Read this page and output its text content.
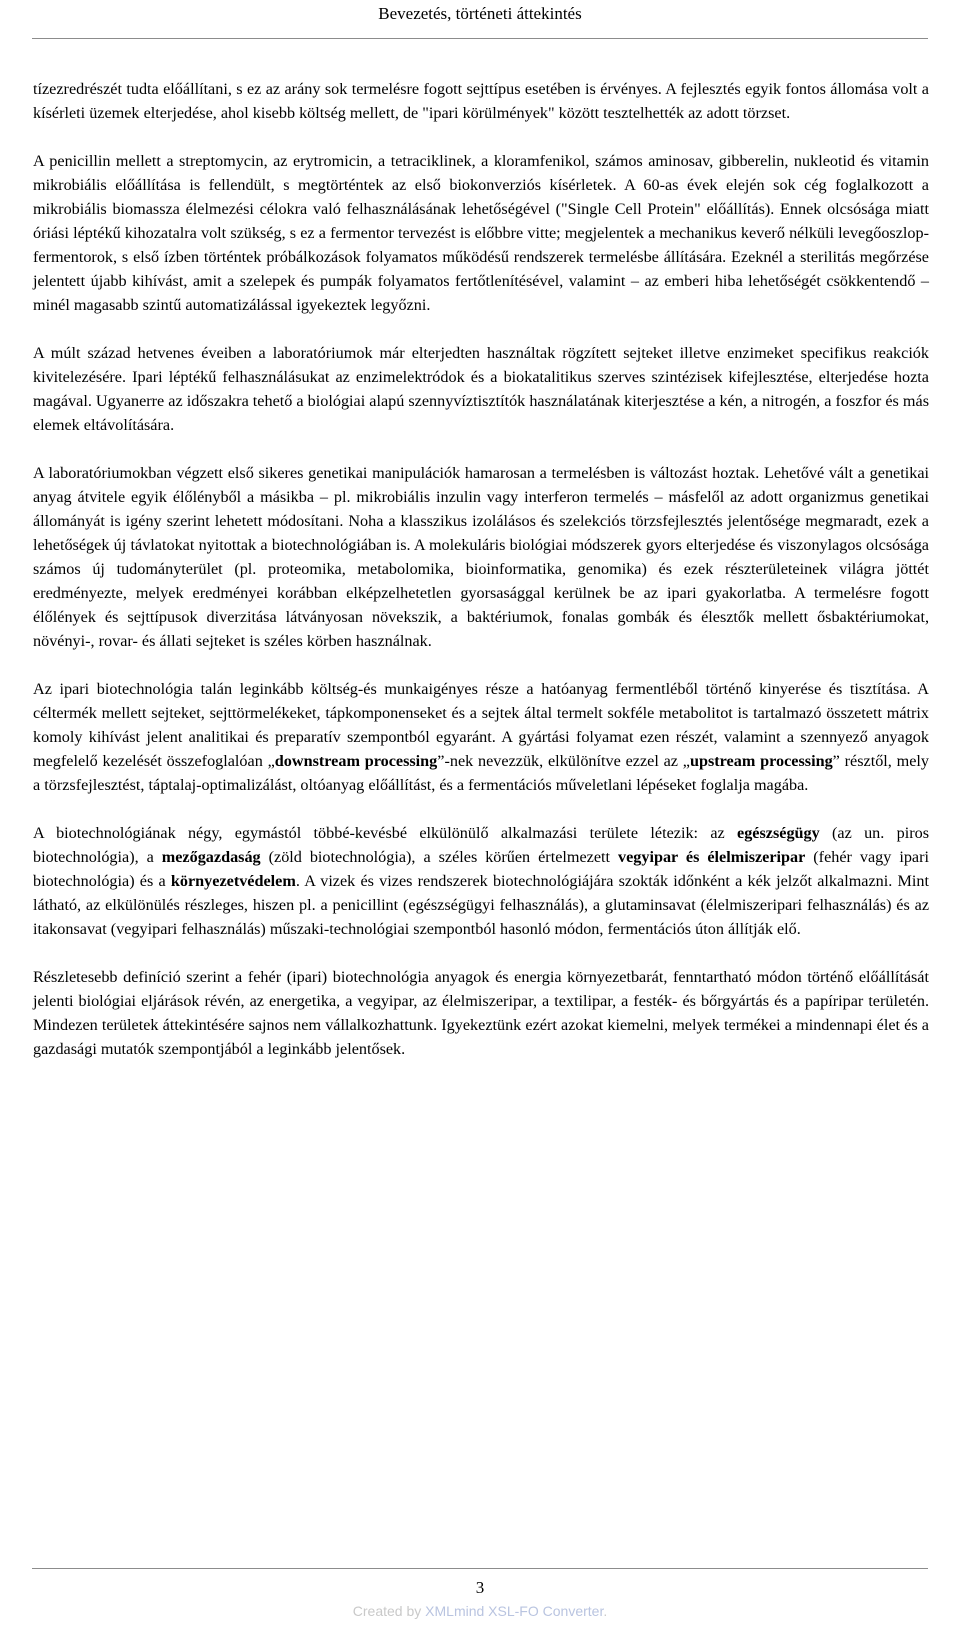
Bevezetés, történeti áttekintés

tízezredrészét tudta előállítani, s ez az arány sok termelésre fogott sejttípus esetében is érvényes. A fejlesztés egyik fontos állomása volt a kísérleti üzemek elterjedése, ahol kisebb költség mellett, de "ipari körülmények" között tesztelhették az adott törzset.

A penicillin mellett a streptomycin, az erytromicin, a tetraciklinek, a kloramfenikol, számos aminosav, gibberelin, nukleotid és vitamin mikrobiális előállítása is fellendült, s megtörténtek az első biokonverziós kísérletek. A 60-as évek elején sok cég foglalkozott a mikrobiális biomassza élelmezési célokra való felhasználásának lehetőségével ("Single Cell Protein" előállítás). Ennek olcsósága miatt óriási léptékű kihozatalra volt szükség, s ez a fermentor tervezést is előbbre vitte; megjelentek a mechanikus keverő nélküli levegőoszlop-fermentorok, s első ízben történtek próbálkozások folyamatos működésű rendszerek termelésbe állítására. Ezeknél a sterilitás megőrzése jelentett újabb kihívást, amit a szelepek és pumpák folyamatos fertőtlenítésével, valamint – az emberi hiba lehetőségét csökkentendő – minél magasabb szintű automatizálással igyekeztek legyőzni.

A múlt század hetvenes éveiben a laboratóriumok már elterjedten használtak rögzített sejteket illetve enzimeket specifikus reakciók kivitelezésére. Ipari léptékű felhasználásukat az enzimelektródok és a biokatalitikus szerves szintézisek kifejlesztése, elterjedése hozta magával. Ugyanerre az időszakra tehető a biológiai alapú szennyvíztisztítók használatának kiterjesztése a kén, a nitrogén, a foszfor és más elemek eltávolítására.

A laboratóriumokban végzett első sikeres genetikai manipulációk hamarosan a termelésben is változást hoztak. Lehetővé vált a genetikai anyag átvitele egyik élőlényből a másikba – pl. mikrobiális inzulin vagy interferon termelés – másfelől az adott organizmus genetikai állományát is igény szerint lehetett módosítani. Noha a klasszikus izolálásos és szelekciós törzsfejlesztés jelentősége megmaradt, ezek a lehetőségek új távlatokat nyitottak a biotechnológiában is. A molekuláris biológiai módszerek gyors elterjedése és viszonylagos olcsósága számos új tudományterület (pl. proteomika, metabolomika, bioinformatika, genomika) és ezek részterületeinek világra jöttét eredményezte, melyek eredményei korábban elképzelhetetlen gyorsasággal kerülnek be az ipari gyakorlatba. A termelésre fogott élőlények és sejttípusok diverzitása látványosan növekszik, a baktériumok, fonalas gombák és élesztők mellett ősbaktériumokat, növényi-, rovar- és állati sejteket is széles körben használnak.

Az ipari biotechnológia talán leginkább költség-és munkaigényes része a hatóanyag fermentléből történő kinyerése és tisztítása. A céltermék mellett sejteket, sejttörmelékeket, tápkomponenseket és a sejtek által termelt sokféle metabolitot is tartalmazó összetett mátrix komoly kihívást jelent analitikai és preparatív szempontból egyaránt. A gyártási folyamat ezen részét, valamint a szennyező anyagok megfelelő kezelését összefoglalóan „downstream processing”-nek nevezzük, elkülönítve ezzel az „upstream processing” résztől, mely a törzsfejlesztést, táptalaj-optimalizálást, oltóanyag előállítást, és a fermentációs műveletlani lépéseket foglalja magába.

A biotechnológiának négy, egymástól többé-kevésbé elkülönülő alkalmazási területe létezik: az egészségügy (az un. piros biotechnológia), a mezőgazdaság (zöld biotechnológia), a széles körűen értelmezett vegyipar és élelmiszeripar (fehér vagy ipari biotechnológia) és a környezetvédelem. A vizek és vizes rendszerek biotechnológiájára szokták időnként a kék jelzőt alkalmazni. Mint látható, az elkülönülés részleges, hiszen pl. a penicillint (egészségügyi felhasználás), a glutaminsavat (élelmiszeripari felhasználás) és az itakonsavat (vegyipari felhasználás) műszaki-technológiai szempontból hasonló módon, fermentációs úton állítják elő.

Részletesebb definíció szerint a fehér (ipari) biotechnológia anyagok és energia környezetbarát, fenntartható módon történő előállítását jelenti biológiai eljárások révén, az energetika, a vegyipar, az élelmiszeripar, a textilipar, a festék- és bőrgyártás és a papíripar területén. Mindezen területek áttekintésére sajnos nem vállalkozhattunk. Igyekeztünk ezért azokat kiemelni, melyek termékei a mindennapi élet és a gazdasági mutatók szempontjából a leginkább jelentősek.

3
Created by XMLmind XSL-FO Converter.
